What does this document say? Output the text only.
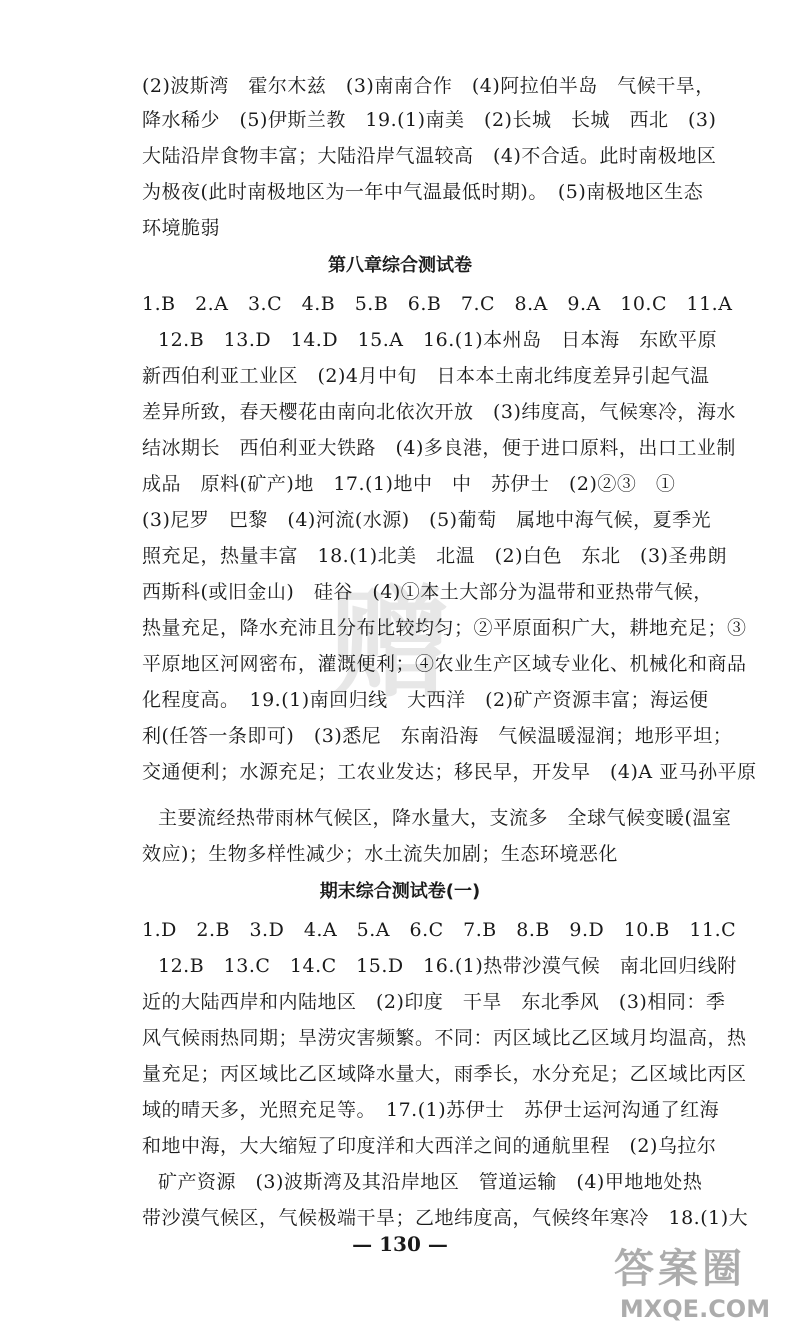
赠
(2)波斯湾　霍尔木兹　(3)南南合作　(4)阿拉伯半岛　气候干旱，
降水稀少　(5)伊斯兰教　19.(1)南美　(2)长城　长城　西北　(3)
大陆沿岸食物丰富；大陆沿岸气温较高　(4)不合适。此时南极地区
为极夜(此时南极地区为一年中气温最低时期)。　(5)南极地区生态
环境脆弱
第八章综合测试卷
1.B　2.A　3.C　4.B　5.B　6.B　7.C　8.A　9.A　10.C　11.A
12.B　13.D　14.D　15.A　16.(1)本州岛　日本海　东欧平原
新西伯利亚工业区　(2)4月中旬　日本本土南北纬度差异引起气温
差异所致，春天樱花由南向北依次开放　(3)纬度高，气候寒冷，海水
结冰期长　西伯利亚大铁路　(4)多良港，便于进口原料，出口工业制
成品　原料(矿产)地　17.(1)地中　中　苏伊士　(2)②③　①
(3)尼罗　巴黎　(4)河流(水源)　(5)葡萄　属地中海气候，夏季光
照充足，热量丰富　18.(1)北美　北温　(2)白色　东北　(3)圣弗朗
西斯科(或旧金山)　硅谷　(4)①本土大部分为温带和亚热带气候，
热量充足，降水充沛且分布比较均匀；②平原面积广大，耕地充足；③
平原地区河网密布，灌溉便利；④农业生产区域专业化、机械化和商品
化程度高。　19.(1)南回归线　大西洋　(2)矿产资源丰富；海运便
利(任答一条即可)　(3)悉尼　东南沿海　气候温暖湿润；地形平坦；
交通便利；水源充足；工农业发达；移民早，开发早　(4)A 亚马孙平原
主要流经热带雨林气候区，降水量大，支流多　全球气候变暖(温室
效应)；生物多样性减少；水土流失加剧；生态环境恶化
期末综合测试卷(一)
1.D　2.B　3.D　4.A　5.A　6.C　7.B　8.B　9.D　10.B　11.C
12.B　13.C　14.C　15.D　16.(1)热带沙漠气候　南北回归线附
近的大陆西岸和内陆地区　(2)印度　干旱　东北季风　(3)相同：季
风气候雨热同期；旱涝灾害频繁。不同：丙区域比乙区域月均温高，热
量充足；丙区域比乙区域降水量大，雨季长，水分充足；乙区域比丙区
域的晴天多，光照充足等。　17.(1)苏伊士　苏伊士运河沟通了红海
和地中海，大大缩短了印度洋和大西洋之间的通航里程　(2)乌拉尔
矿产资源　(3)波斯湾及其沿岸地区　管道运输　(4)甲地地处热
带沙漠气候区，气候极端干旱；乙地纬度高，气候终年寒冷　18.(1)大
— 130 —
答案圈
MXQE.COM
